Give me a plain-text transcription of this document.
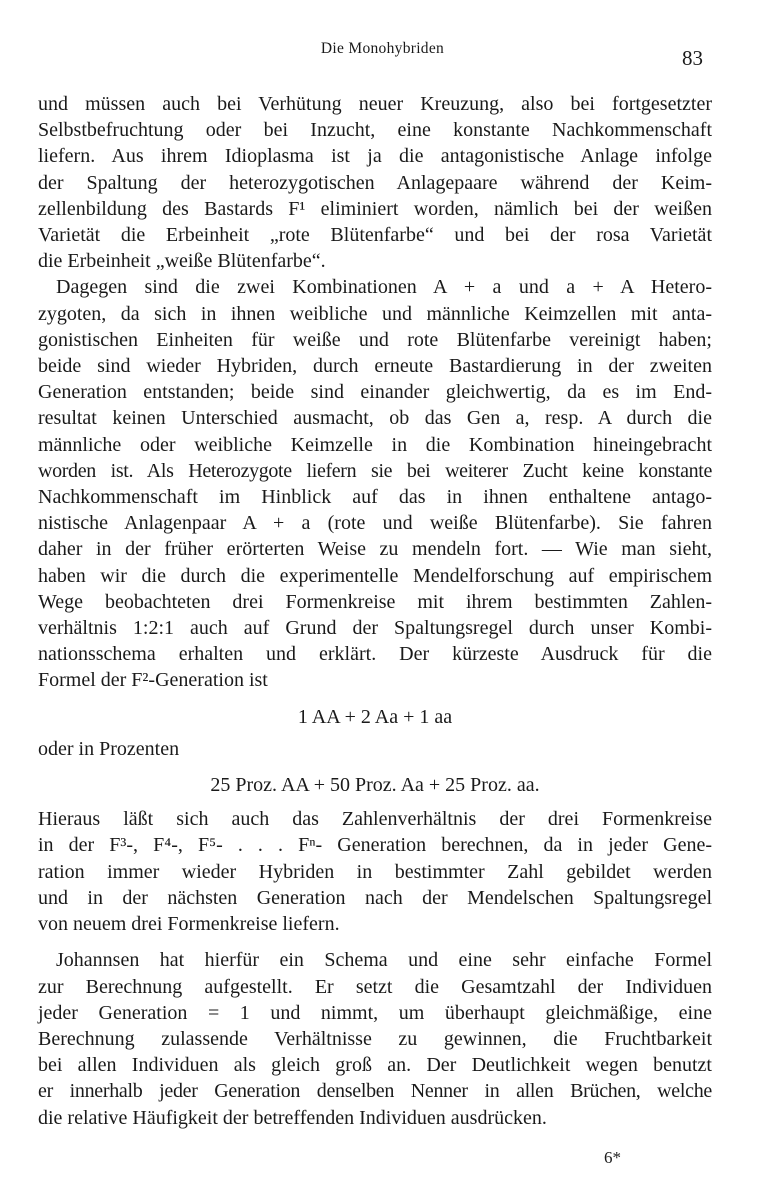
Die Monohybriden	83
und müssen auch bei Verhütung neuer Kreuzung, also bei fortgesetzter
Selbstbefruchtung oder bei Inzucht, eine konstante Nachkommenschaft
liefern. Aus ihrem Idioplasma ist ja die antagonistische Anlage infolge
der Spaltung der heterozygotischen Anlagepaare während der Keim-
zellenbildung des Bastards F¹ eliminiert worden, nämlich bei der weißen
Varietät die Erbeinheit „rote Blütenfarbe“ und bei der rosa Varietät
die Erbeinheit „weiße Blütenfarbe“.
Dagegen sind die zwei Kombinationen A + a und a + A Hetero-
zygoten, da sich in ihnen weibliche und männliche Keimzellen mit anta-
gonistischen Einheiten für weiße und rote Blütenfarbe vereinigt haben;
beide sind wieder Hybriden, durch erneute Bastardierung in der zweiten
Generation entstanden; beide sind einander gleichwertig, da es im End-
resultat keinen Unterschied ausmacht, ob das Gen a, resp. A durch die
männliche oder weibliche Keimzelle in die Kombination hineingebracht
worden ist. Als Heterozygote liefern sie bei weiterer Zucht keine konstante
Nachkommenschaft im Hinblick auf das in ihnen enthaltene antago-
nistische Anlagenpaar A + a (rote und weiße Blütenfarbe). Sie fahren
daher in der früher erörterten Weise zu mendeln fort. — Wie man sieht,
haben wir die durch die experimentelle Mendelforschung auf empirischem
Wege beobachteten drei Formenkreise mit ihrem bestimmten Zahlen-
verhältnis 1:2:1 auch auf Grund der Spaltungsregel durch unser Kombi-
nationsschema erhalten und erklärt. Der kürzeste Ausdruck für die
Formel der F²-Generation ist
1 AA + 2 Aa + 1 aa
oder in Prozenten
25 Proz. AA + 50 Proz. Aa + 25 Proz. aa.
Hieraus läßt sich auch das Zahlenverhältnis der drei Formenkreise
in der F³-, F⁴-, F⁵- . . . Fⁿ- Generation berechnen, da in jeder Gene-
ration immer wieder Hybriden in bestimmter Zahl gebildet werden
und in der nächsten Generation nach der Mendelschen Spaltungsregel
von neuem drei Formenkreise liefern.
Johannsen hat hierfür ein Schema und eine sehr einfache Formel
zur Berechnung aufgestellt. Er setzt die Gesamtzahl der Individuen
jeder Generation = 1 und nimmt, um überhaupt gleichmäßige, eine
Berechnung zulassende Verhältnisse zu gewinnen, die Fruchtbarkeit
bei allen Individuen als gleich groß an. Der Deutlichkeit wegen benutzt
er innerhalb jeder Generation denselben Nenner in allen Brüchen, welche
die relative Häufigkeit der betreffenden Individuen ausdrücken.
6*
